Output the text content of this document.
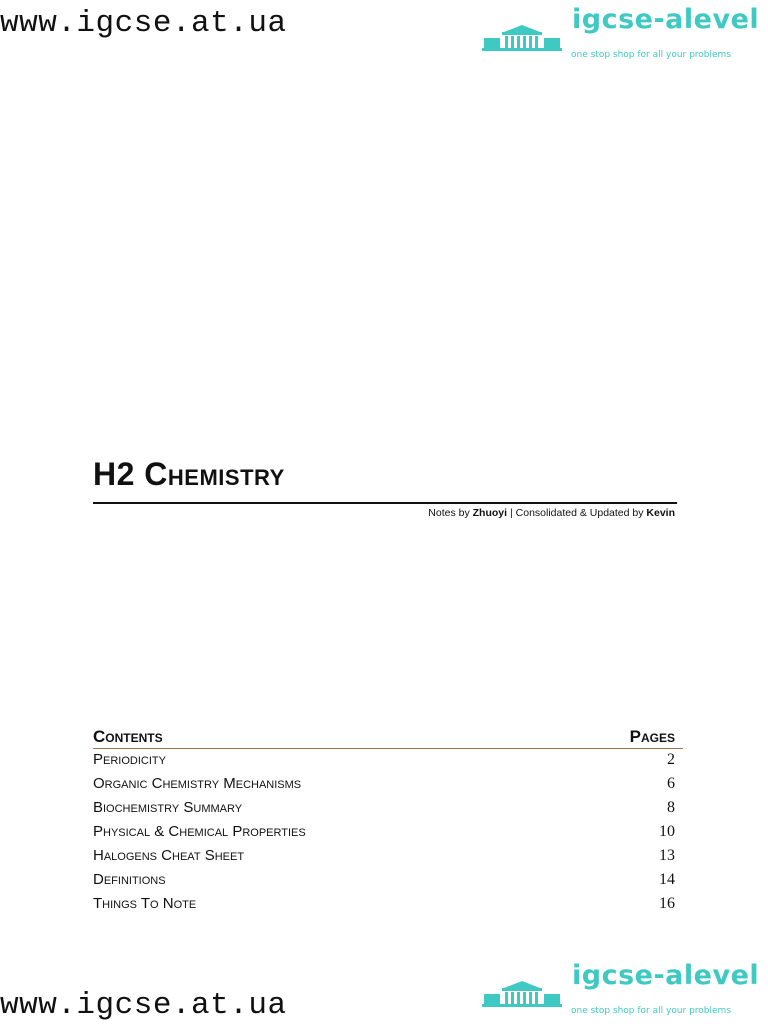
www.igcse.at.ua	igcse-alevel
one stop shop for all your problems
H2 Chemistry
Notes by Zhuoyi | Consolidated & Updated by Kevin
Contents	Pages
Periodicity	2
Organic Chemistry Mechanisms	6
Biochemistry Summary	8
Physical & Chemical Properties	10
Halogens Cheat Sheet	13
Definitions	14
Things To Note	16
igcse-alevel
one stop shop for all your problems
www.igcse.at.ua
